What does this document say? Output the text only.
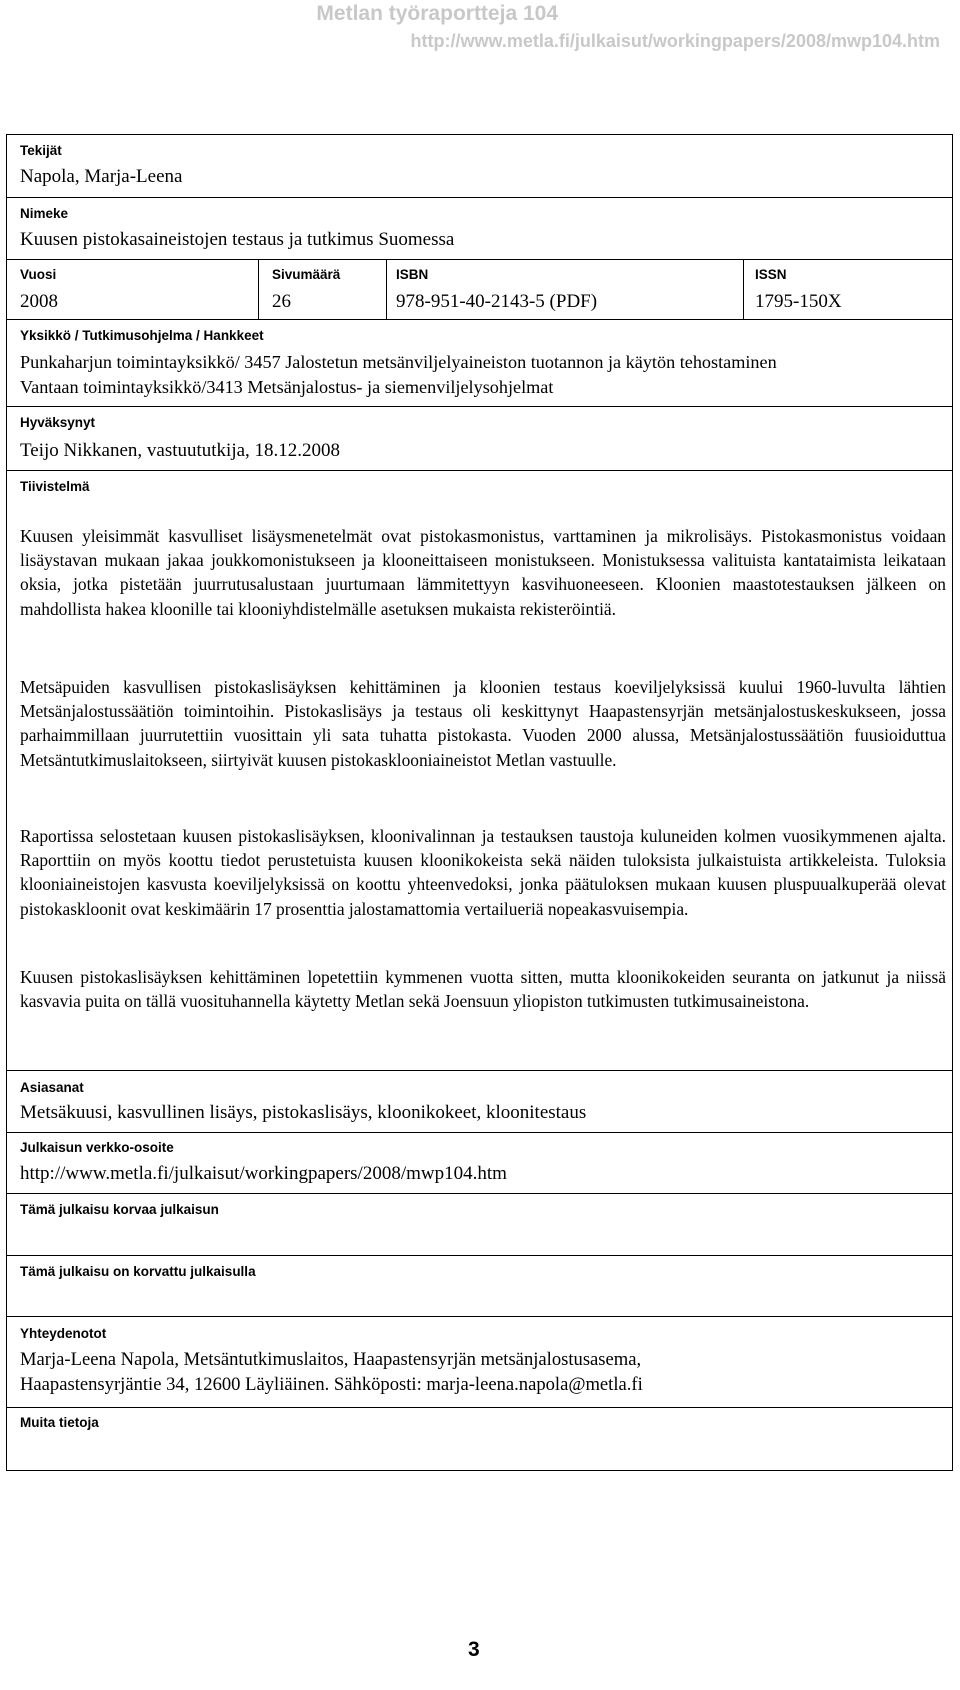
Metlan työraportteja 104
http://www.metla.fi/julkaisut/workingpapers/2008/mwp104.htm
Tekijät
Napola, Marja-Leena
Nimeke
Kuusen pistokasaineistojen testaus ja tutkimus Suomessa
Vuosi
2008
Sivumäärä
26
ISBN
978-951-40-2143-5 (PDF)
ISSN
1795-150X
Yksikkö / Tutkimusohjelma / Hankkeet
Punkaharjun toimintayksikkö/ 3457 Jalostetun metsänviljelyaineiston tuotannon ja käytön tehostaminen
Vantaan toimintayksikkö/3413 Metsänjalostus- ja siemenviljelysohjelmat
Hyväksynyt
Teijo Nikkanen, vastuututkija, 18.12.2008
Tiivistelmä

Kuusen yleisimmät kasvulliset lisäysmenetelmät ovat pistokasmonistus, varttaminen ja mikrolisäys. Pistokasmonistus voidaan lisäystavan mukaan jakaa joukkomonistukseen ja klooneittaiseen monistukseen. Monistuksessa valituista kantataimista leikataan oksia, jotka pistetään juurrutusalustaan juurtumaan lämmitettyyn kasvihuoneeseen. Kloonien maastotestauksen jälkeen on mahdollista hakea kloonille tai klooniyhdistelmälle asetuksen mukaista rekisteröintiä.

Metsäpuiden kasvullisen pistokaslisäyksen kehittäminen ja kloonien testaus koeviljelyksissä kuului 1960-luvulta lähtien Metsänjalostussäätiön toimintoihin. Pistokaslisäys ja testaus oli keskittynyt Haapastensyrjän metsänjalostuskeskukseen, jossa parhaimmillaan juurrutettiin vuosittain yli sata tuhatta pistokasta. Vuoden 2000 alussa, Metsänjalostussäätiön fuusioiduttua Metsäntutkimuslaitokseen, siirtyivät kuusen pistokasklooniaineistot Metlan vastuulle.

Raportissa selostetaan kuusen pistokaslisäyksen, kloonivalinnan ja testauksen taustoja kuluneiden kolmen vuosikymmenen ajalta. Raporttiin on myös koottu tiedot perustetuista kuusen kloonikokeista sekä näiden tuloksista julkaistuista artikkeleista. Tuloksia klooniaineistojen kasvusta koeviljelyksissä on koottu yhteenvedoksi, jonka päätuloksen mukaan kuusen pluspuualkuperää olevat pistokaskloonit ovat keskimäärin 17 prosenttia jalostamattomia vertailueriä nopeakasvuisempia.

Kuusen pistokaslisäyksen kehittäminen lopetettiin kymmenen vuotta sitten, mutta kloonikokeiden seuranta on jatkunut ja niissä kasvavia puita on tällä vuosituhannella käytetty Metlan sekä Joensuun yliopiston tutkimusten tutkimusaineistona.

Asiasanat
Metsäkuusi, kasvullinen lisäys, pistokaslisäys, kloonikokeet, kloonitestaus
Julkaisun verkko-osoite
http://www.metla.fi/julkaisut/workingpapers/2008/mwp104.htm
Tämä julkaisu korvaa julkaisun
Tämä julkaisu on korvattu julkaisulla
Yhteydenotot
Marja-Leena Napola, Metsäntutkimuslaitos, Haapastensyrjän metsänjalostusasema,
Haapastensyrjäntie 34, 12600 Läyliäinen. Sähköposti: marja-leena.napola@metla.fi
Muita tietoja
3
